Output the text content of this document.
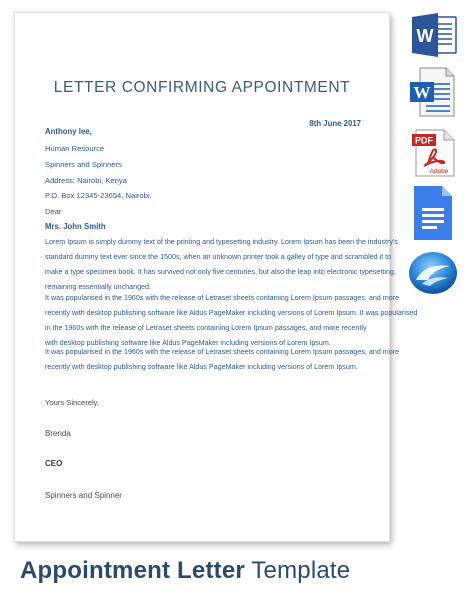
LETTER CONFIRMING APPOINTMENT
8th June 2017
Anthony lee,
Human Resource
Spinners and Spinners
Address: Nairobi, Kenya
P.O. Box 12345-23654, Nairobi.
Dear
Mrs. John Smith
Lorem Ipsum is simply dummy text of the printing and typesetting industry. Lorem Ipsum has been the industry's
standard dummy text ever since the 1500s, when an unknown printer took a galley of type and scrambled it to
make a type specimen book. It has survived not only five centuries, but also the leap into electronic typesetting,
remaining essentially unchanged.
It was popularised in the 1960s with the release of Letraset sheets containing Lorem Ipsum passages, and more
recently with desktop publishing software like Aldus PageMaker including versions of Lorem Ipsum. It was popularised
in the 1960s with the release of Letraset sheets containing Lorem Ipsum passages, and more recently
with desktop publishing software like Aldus PageMaker including versions of Lorem Ipsum.
It was popularised in the 1960s with the release of Letraset sheets containing Lorem Ipsum passages, and more
recently with desktop publishing software like Aldus PageMaker including versions of Lorem Ipsum.
Yours Sincerely,
Brenda
CEO
Spinners and Spinner
W
W
PDF
Adobe
Appointment Letter Template
